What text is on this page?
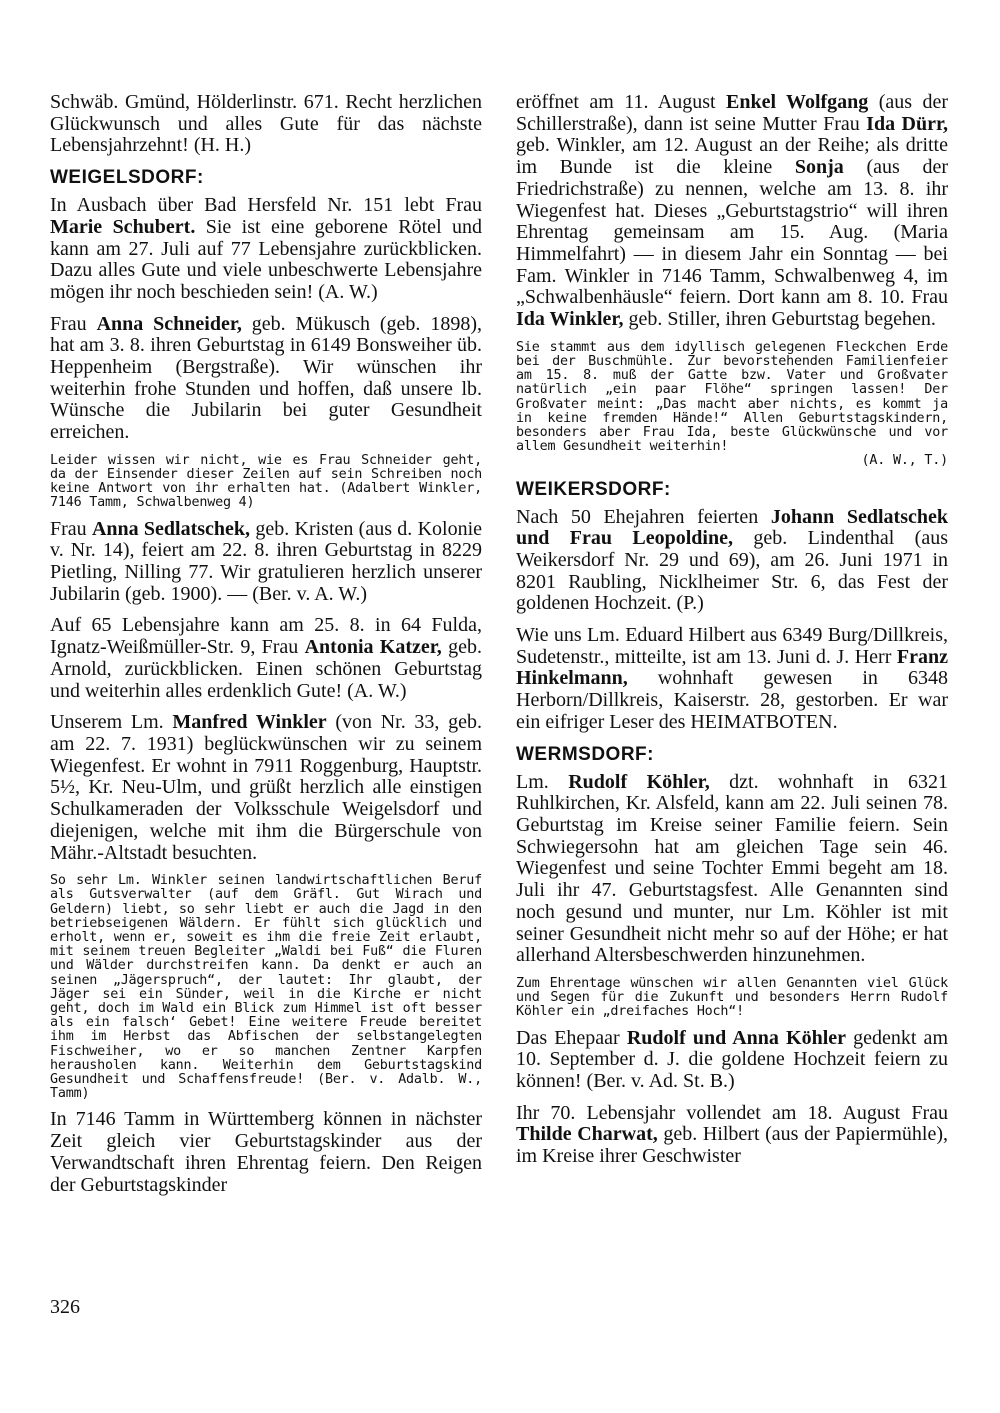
Schwäb. Gmünd, Hölderlinstr. 671. Recht herzlichen Glückwunsch und alles Gute für das nächste Lebensjahrzehnt! (H. H.)

WEIGELSDORF:

In Ausbach über Bad Hersfeld Nr. 151 lebt Frau Marie Schubert. Sie ist eine geborene Rötel und kann am 27. Juli auf 77 Lebensjahre zurückblicken. Dazu alles Gute und viele unbeschwerte Lebensjahre mögen ihr noch beschieden sein! (A. W.)

Frau Anna Schneider, geb. Mükusch (geb. 1898), hat am 3. 8. ihren Geburtstag in 6149 Bonsweiher üb. Heppenheim (Bergstraße). Wir wünschen ihr weiterhin frohe Stunden und hoffen, daß unsere lb. Wünsche die Jubilarin bei guter Gesundheit erreichen.

Leider wissen wir nicht, wie es Frau Schneider geht, da der Einsender dieser Zeilen auf sein Schreiben noch keine Antwort von ihr erhalten hat. (Adalbert Winkler, 7146 Tamm, Schwalbenweg 4)

Frau Anna Sedlatschek, geb. Kristen (aus d. Kolonie v. Nr. 14), feiert am 22. 8. ihren Geburtstag in 8229 Pietling, Nilling 77. Wir gratulieren herzlich unserer Jubilarin (geb. 1900). — (Ber. v. A. W.)

Auf 65 Lebensjahre kann am 25. 8. in 64 Fulda, Ignatz-Weißmüller-Str. 9, Frau Antonia Katzer, geb. Arnold, zurückblicken. Einen schönen Geburtstag und weiterhin alles erdenklich Gute! (A. W.)

Unserem Lm. Manfred Winkler (von Nr. 33, geb. am 22. 7. 1931) beglückwünschen wir zu seinem Wiegenfest. Er wohnt in 7911 Roggenburg, Hauptstr. 5½, Kr. Neu-Ulm, und grüßt herzlich alle einstigen Schulkameraden der Volksschule Weigelsdorf und diejenigen, welche mit ihm die Bürgerschule von Mähr.-Altstadt besuchten.

So sehr Lm. Winkler seinen landwirtschaftlichen Beruf als Gutsverwalter (auf dem Gräfl. Gut Wirach und Geldern) liebt, so sehr liebt er auch die Jagd in den betriebseigenen Wäldern. Er fühlt sich glücklich und erholt, wenn er, soweit es ihm die freie Zeit erlaubt, mit seinem treuen Begleiter „Waldi bei Fuß“ die Fluren und Wälder durchstreifen kann. Da denkt er auch an seinen „Jägerspruch“, der lautet: Ihr glaubt, der Jäger sei ein Sünder, weil in die Kirche er nicht geht, doch im Wald ein Blick zum Himmel ist oft besser als ein falsch‘ Gebet! Eine weitere Freude bereitet ihm im Herbst das Abfischen der selbstangelegten Fischweiher, wo er so manchen Zentner Karpfen herausholen kann. Weiterhin dem Geburtstagskind Gesundheit und Schaffensfreude! (Ber. v. Adalb. W., Tamm)

In 7146 Tamm in Württemberg können in nächster Zeit gleich vier Geburtstagskinder aus der Verwandtschaft ihren Ehrentag feiern. Den Reigen der Geburtstagskinder

eröffnet am 11. August Enkel Wolfgang (aus der Schillerstraße), dann ist seine Mutter Frau Ida Dürr, geb. Winkler, am 12. August an der Reihe; als dritte im Bunde ist die kleine Sonja (aus der Friedrichstraße) zu nennen, welche am 13. 8. ihr Wiegenfest hat. Dieses „Geburtstagstrio“ will ihren Ehrentag gemeinsam am 15. Aug. (Maria Himmelfahrt) — in diesem Jahr ein Sonntag — bei Fam. Winkler in 7146 Tamm, Schwalbenweg 4, im „Schwalbenhäusle“ feiern. Dort kann am 8. 10. Frau Ida Winkler, geb. Stiller, ihren Geburtstag begehen.

Sie stammt aus dem idyllisch gelegenen Fleckchen Erde bei der Buschmühle. Zur bevorstehenden Familienfeier am 15. 8. muß der Gatte bzw. Vater und Großvater natürlich „ein paar Flöhe“ springen lassen! Der Großvater meint: „Das macht aber nichts, es kommt ja in keine fremden Hände!“ Allen Geburtstagskindern, besonders aber Frau Ida, beste Glückwünsche und vor allem Gesundheit weiterhin!
(A. W., T.)

WEIKERSDORF:

Nach 50 Ehejahren feierten Johann Sedlatschek und Frau Leopoldine, geb. Lindenthal (aus Weikersdorf Nr. 29 und 69), am 26. Juni 1971 in 8201 Raubling, Nicklheimer Str. 6, das Fest der goldenen Hochzeit. (P.)

Wie uns Lm. Eduard Hilbert aus 6349 Burg/Dillkreis, Sudetenstr., mitteilte, ist am 13. Juni d. J. Herr Franz Hinkelmann, wohnhaft gewesen in 6348 Herborn/Dillkreis, Kaiserstr. 28, gestorben. Er war ein eifriger Leser des HEIMATBOTEN.

WERMSDORF:

Lm. Rudolf Köhler, dzt. wohnhaft in 6321 Ruhlkirchen, Kr. Alsfeld, kann am 22. Juli seinen 78. Geburtstag im Kreise seiner Familie feiern. Sein Schwiegersohn hat am gleichen Tage sein 46. Wiegenfest und seine Tochter Emmi begeht am 18. Juli ihr 47. Geburtstagsfest. Alle Genannten sind noch gesund und munter, nur Lm. Köhler ist mit seiner Gesundheit nicht mehr so auf der Höhe; er hat allerhand Altersbeschwerden hinzunehmen.

Zum Ehrentage wünschen wir allen Genannten viel Glück und Segen für die Zukunft und besonders Herrn Rudolf Köhler ein „dreifaches Hoch“!

Das Ehepaar Rudolf und Anna Köhler gedenkt am 10. September d. J. die goldene Hochzeit feiern zu können! (Ber. v. Ad. St. B.)

Ihr 70. Lebensjahr vollendet am 18. August Frau Thilde Charwat, geb. Hilbert (aus der Papiermühle), im Kreise ihrer Geschwister

326
